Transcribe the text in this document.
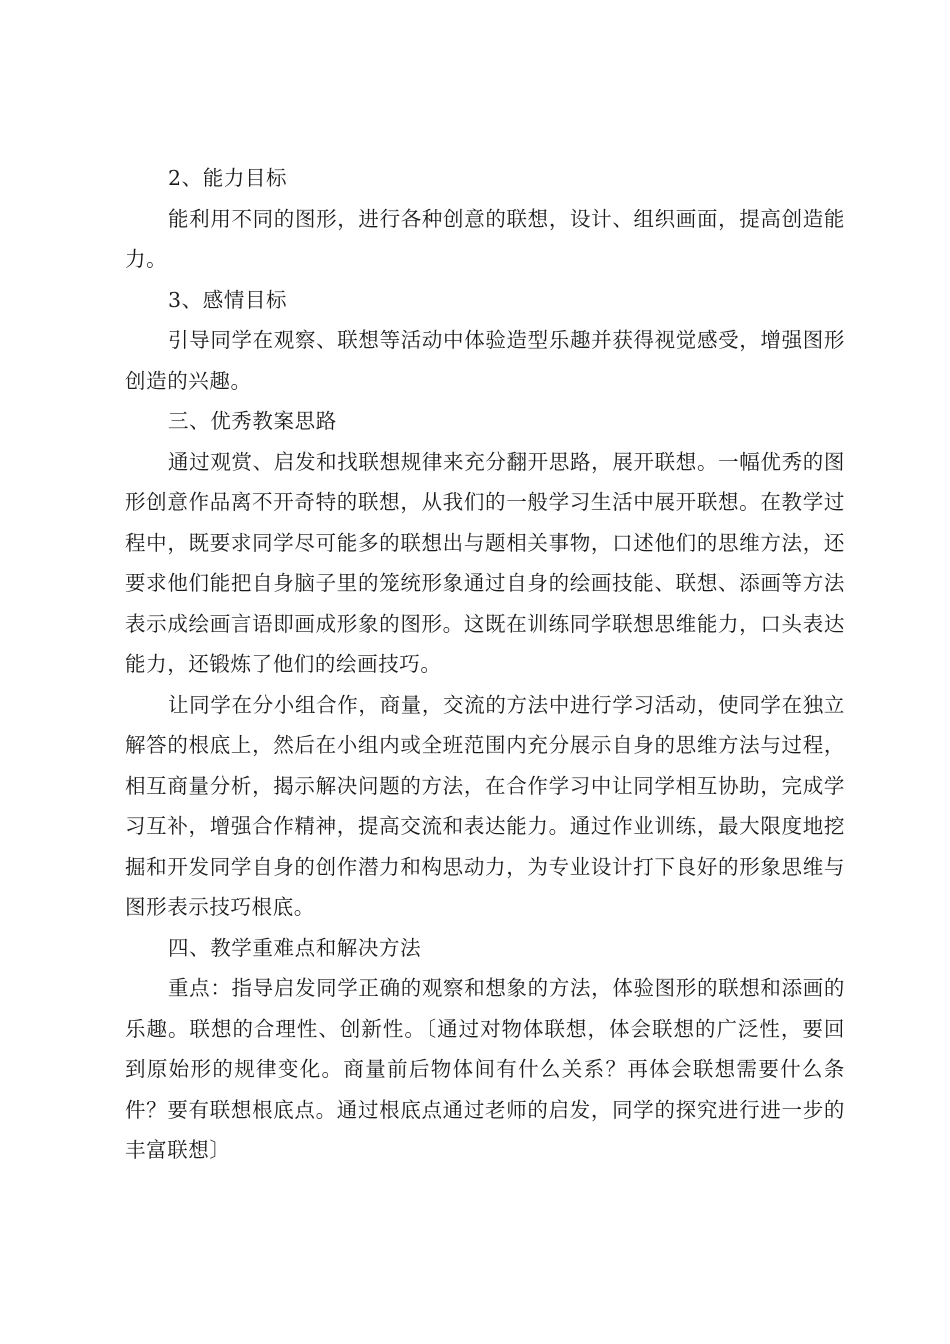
2、能力目标

能利用不同的图形，进行各种创意的联想，设计、组织画面，提高创造能力。

3、感情目标

引导同学在观察、联想等活动中体验造型乐趣并获得视觉感受，增强图形创造的兴趣。

三、优秀教案思路

通过观赏、启发和找联想规律来充分翻开思路，展开联想。一幅优秀的图形创意作品离不开奇特的联想，从我们的一般学习生活中展开联想。在教学过程中，既要求同学尽可能多的联想出与题相关事物，口述他们的思维方法，还要求他们能把自身脑子里的笼统形象通过自身的绘画技能、联想、添画等方法表示成绘画言语即画成形象的图形。这既在训练同学联想思维能力，口头表达能力，还锻炼了他们的绘画技巧。

让同学在分小组合作，商量，交流的方法中进行学习活动，使同学在独立解答的根底上，然后在小组内或全班范围内充分展示自身的思维方法与过程，相互商量分析，揭示解决问题的方法，在合作学习中让同学相互协助，完成学习互补，增强合作精神，提高交流和表达能力。通过作业训练，最大限度地挖掘和开发同学自身的创作潜力和构思动力，为专业设计打下良好的形象思维与图形表示技巧根底。

四、教学重难点和解决方法

重点：指导启发同学正确的观察和想象的方法，体验图形的联想和添画的乐趣。联想的合理性、创新性。〔通过对物体联想，体会联想的广泛性，要回到原始形的规律变化。商量前后物体间有什么关系？再体会联想需要什么条件？要有联想根底点。通过根底点通过老师的启发，同学的探究进行进一步的丰富联想〕
